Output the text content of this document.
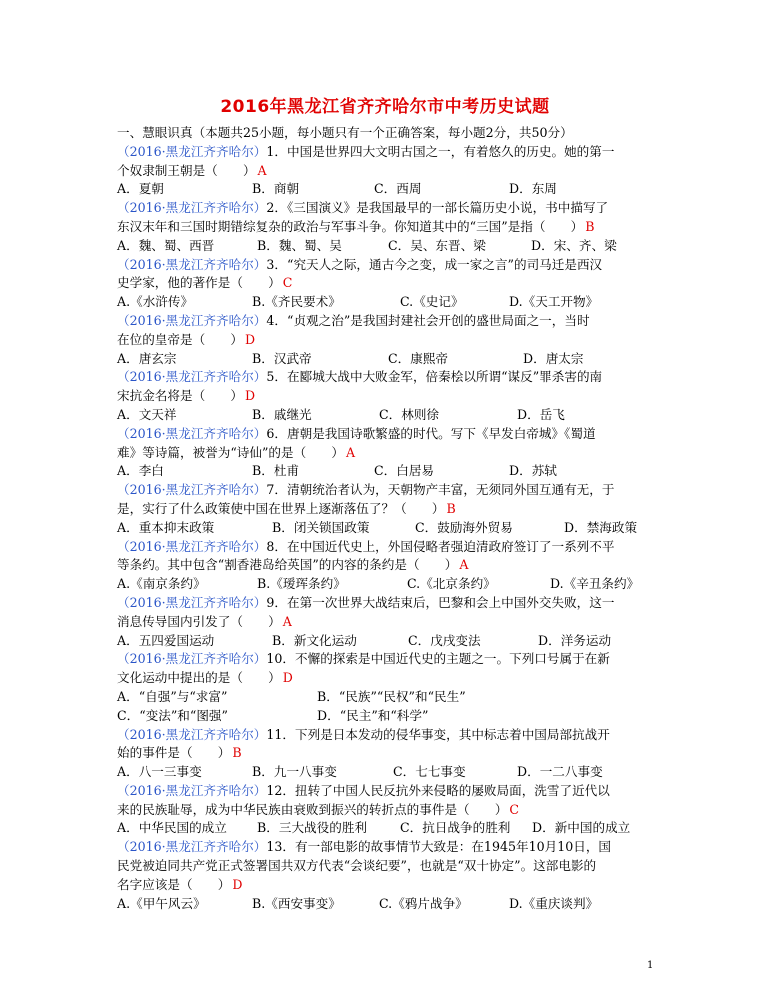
2016年黑龙江省齐齐哈尔市中考历史试题
一、慧眼识真（本题共25小题，每小题只有一个正确答案，每小题2分，共50分）
（2016·黑龙江齐齐哈尔）1．中国是世界四大文明古国之一，有着悠久的历史。她的第一
个奴隶制王朝是（　　） A
A．夏朝	B．商朝	C．西周	D．东周
（2016·黑龙江齐齐哈尔）2．《三国演义》是我国最早的一部长篇历史小说，书中描写了
东汉末年和三国时期错综复杂的政治与军事斗争。你知道其中的“三国”是指（　　） B
A．魏、蜀、西晋	B．魏、蜀、吴	C．吴、东晋、梁	D．宋、齐、梁
（2016·黑龙江齐齐哈尔）3．“究天人之际，通古今之变，成一家之言”的司马迁是西汉
史学家，他的著作是（　　） C
A.《水浒传》	B.《齐民要术》	C.《史记》	D.《天工开物》
（2016·黑龙江齐齐哈尔）4．“贞观之治”是我国封建社会开创的盛世局面之一，当时
在位的皇帝是（　　） D
A．唐玄宗	B．汉武帝	C．康熙帝	D．唐太宗
（2016·黑龙江齐齐哈尔）5．在郾城大战中大败金军，倍秦桧以所谓“谋反”罪杀害的南
宋抗金名将是（　　） D
A．文天祥	B．戚继光	C．林则徐	D．岳飞
（2016·黑龙江齐齐哈尔）6．唐朝是我国诗歌繁盛的时代。写下《早发白帝城》《蜀道
难》等诗篇，被誉为“诗仙”的是（　　） A
A．李白	B．杜甫	C．白居易	D．苏轼
（2016·黑龙江齐齐哈尔）7．清朝统治者认为，天朝物产丰富，无须同外国互通有无，于
是，实行了什么政策使中国在世界上逐渐落伍了？（　　） B
A．重本抑末政策	B．闭关锁国政策	C．鼓励海外贸易	D．禁海政策
（2016·黑龙江齐齐哈尔）8．在中国近代史上，外国侵略者强迫清政府签订了一系列不平
等条约。其中包含“割香港岛给英国”的内容的条约是（　　） A
A.《南京条约》	B.《瑷珲条约》	C.《北京条约》	D.《辛丑条约》
（2016·黑龙江齐齐哈尔）9．在第一次世界大战结束后，巴黎和会上中国外交失败，这一
消息传导国内引发了（　　） A
A．五四爱国运动	B．新文化运动	C．戊戌变法	D．洋务运动
（2016·黑龙江齐齐哈尔）10．不懈的探索是中国近代史的主题之一。下列口号属于在新
文化运动中提出的是（　　） D
A．“自强”与“求富”	B．“民族”“民权”和“民生”
C．“变法”和“图强”	D．“民主”和“科学”
（2016·黑龙江齐齐哈尔）11．下列是日本发动的侵华事变，其中标志着中国局部抗战开
始的事件是（　　） B
A．八一三事变	B．九一八事变	C．七七事变	D．一二八事变
（2016·黑龙江齐齐哈尔）12．扭转了中国人民反抗外来侵略的屡败局面，洗雪了近代以
来的民族耻辱，成为中华民族由衰败到振兴的转折点的事件是（　　） C
A．中华民国的成立 B．三大战役的胜利	C．抗日战争的胜利 D．新中国的成立
（2016·黑龙江齐齐哈尔）13．有一部电影的故事情节大致是：在1945年10月10日，国
民党被迫同共产党正式签署国共双方代表“会谈纪要”，也就是“双十协定”。这部电影的
名字应该是（　　） D
A.《甲午风云》	B.《西安事变》	C.《鸦片战争》	D.《重庆谈判》
1
